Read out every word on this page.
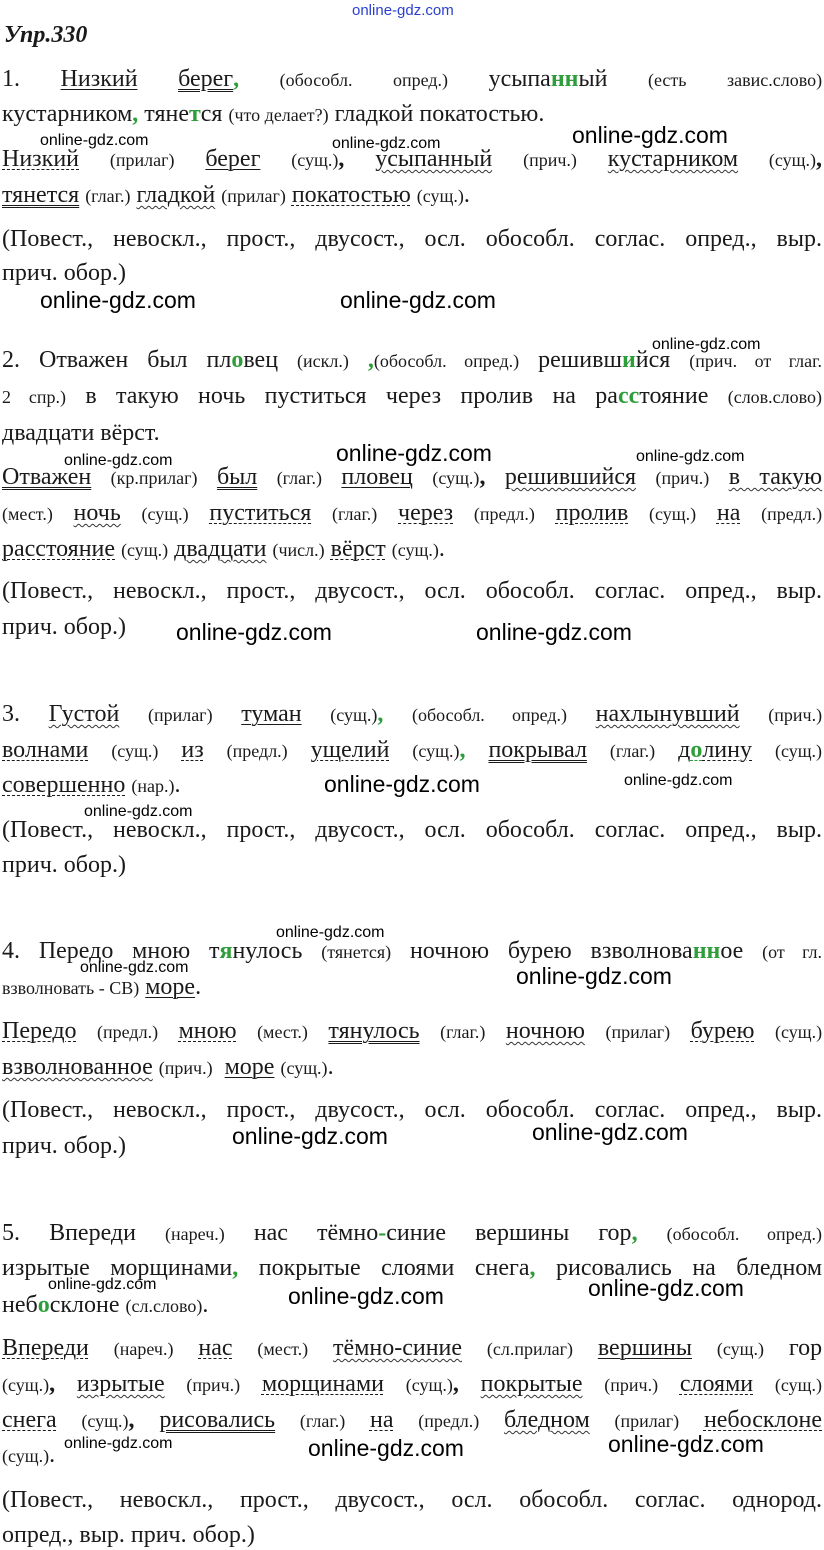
online-gdz.com
Упр.330
1. Низкий берег, (обособл. опред.) усыпанный (есть завис.слово)
кустарником, тянется (что делает?) гладкой покатостью.
Низкий (прилаг) берег (сущ.), усыпанный (прич.) кустарником (сущ.),
тянется (глаг.) гладкой (прилаг) покатостью (сущ.).
(Повест., невоскл., прост., двусост., осл. обособл. соглас. опред., выр.
прич. обор.)
2. Отважен был пловец (искл.) ,(обособл. опред.) решившийся (прич. от глаг.
2 спр.) в такую ночь пуститься через пролив на расстояние (слов.слово)
двадцати вёрст.
Отважен (кр.прилаг) был (глаг.) пловец (сущ.), решившийся (прич.) в такую
(мест.) ночь (сущ.) пуститься (глаг.) через (предл.) пролив (сущ.) на (предл.)
расстояние (сущ.) двадцати (числ.) вёрст (сущ.).
(Повест., невоскл., прост., двусост., осл. обособл. соглас. опред., выр.
прич. обор.)
3. Густой (прилаг) туман (сущ.), (обособл. опред.) нахлынувший (прич.)
волнами (сущ.) из (предл.) ущелий (сущ.), покрывал (глаг.) долину (сущ.)
совершенно (нар.).
(Повест., невоскл., прост., двусост., осл. обособл. соглас. опред., выр.
прич. обор.)
4. Передо мною тянулось (тянется) ночною бурею взволнованное (от гл.
взволновать - СВ) море.
Передо (предл.) мною (мест.) тянулось (глаг.) ночною (прилаг) бурею (сущ.)
взволнованное (прич.) море (сущ.).
(Повест., невоскл., прост., двусост., осл. обособл. соглас. опред., выр.
прич. обор.)
5. Впереди (нареч.) нас тёмно-синие вершины гор, (обособл. опред.)
изрытые морщинами, покрытые слоями снега, рисовались на бледном
небосклоне (сл.слово).
Впереди (нареч.) нас (мест.) тёмно-синие (сл.прилаг) вершины (сущ.) гор
(сущ.), изрытые (прич.) морщинами (сущ.), покрытые (прич.) слоями (сущ.)
снега (сущ.), рисовались (глаг.) на (предл.) бледном (прилаг) небосклоне
(сущ.).
(Повест., невоскл., прост., двусост., осл. обособл. соглас. однород.
опред., выр. прич. обор.)
online-gdz.com	online-gdz.com	online-gdz.com
online-gdz.com	online-gdz.com
online-gdz.com
online-gdz.com	online-gdz.com
online-gdz.com
online-gdz.com	online-gdz.com
online-gdz.com	online-gdz.com
online-gdz.com
online-gdz.com
online-gdz.com	online-gdz.com
online-gdz.com	online-gdz.com
online-gdz.com	online-gdz.com	online-gdz.com
online-gdz.com	online-gdz.com	online-gdz.com
